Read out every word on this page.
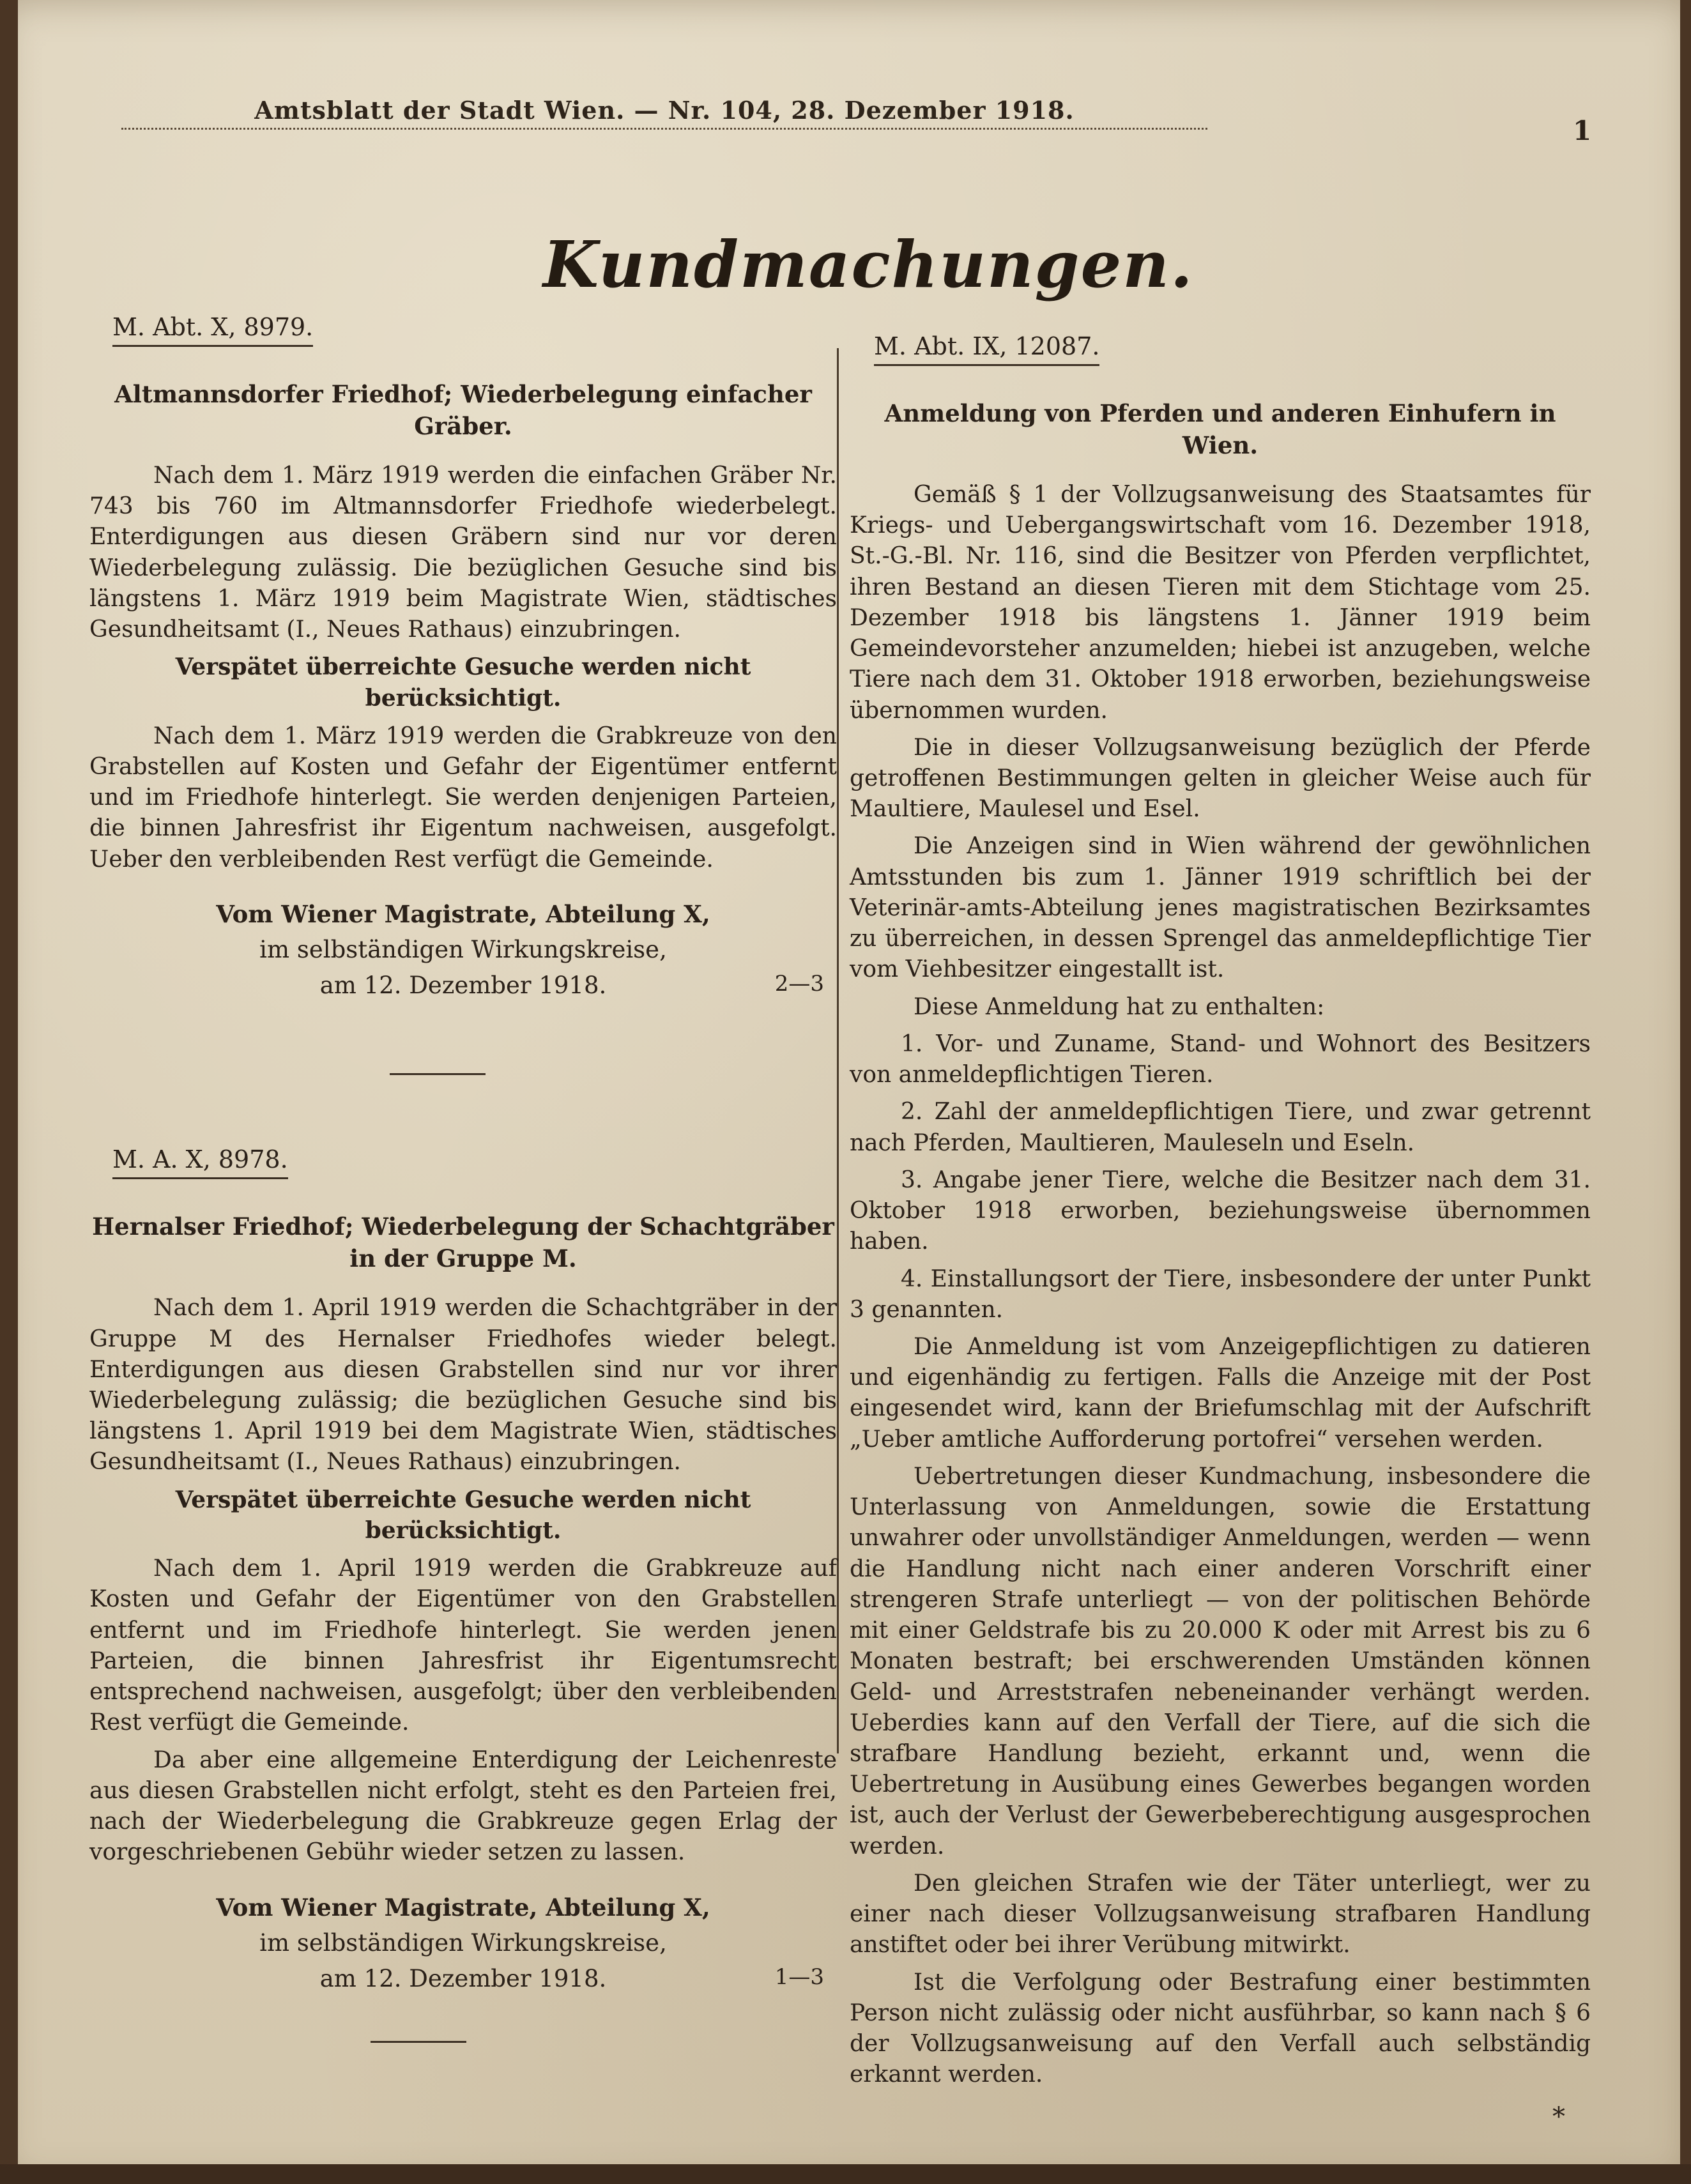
Amtsblatt der Stadt Wien. — Nr. 104, 28. Dezember 1918.
1
Kundmachungen.
M. Abt. X, 8979.
Altmannsdorfer Friedhof; Wiederbelegung einfacher Gräber.

Nach dem 1. März 1919 werden die einfachen Gräber Nr. 743 bis 760 im Altmannsdorfer Friedhofe wiederbelegt. Enterdigungen aus diesen Gräbern sind nur vor deren Wiederbelegung zulässig. Die bezüglichen Gesuche sind bis längstens 1. März 1919 beim Magistrate Wien, städtisches Gesundheitsamt (I., Neues Rathaus) einzubringen.

Verspätet überreichte Gesuche werden nicht berücksichtigt.

Nach dem 1. März 1919 werden die Grabkreuze von den Grabstellen auf Kosten und Gefahr der Eigentümer entfernt und im Friedhofe hinterlegt. Sie werden denjenigen Parteien, die binnen Jahresfrist ihr Eigentum nachweisen, ausgefolgt. Ueber den verbleibenden Rest verfügt die Gemeinde.

Vom Wiener Magistrate, Abteilung X,
im selbständigen Wirkungskreise,
am 12. Dezember 1918.	2—3
M. A. X, 8978.
Hernalser Friedhof; Wiederbelegung der Schachtgräber in der Gruppe M.

Nach dem 1. April 1919 werden die Schachtgräber in der Gruppe M des Hernalser Friedhofes wieder belegt. Enterdigungen aus diesen Grabstellen sind nur vor ihrer Wiederbelegung zulässig; die bezüglichen Gesuche sind bis längstens 1. April 1919 bei dem Magistrate Wien, städtisches Gesundheitsamt (I., Neues Rathaus) einzubringen.

Verspätet überreichte Gesuche werden nicht berücksichtigt.

Nach dem 1. April 1919 werden die Grabkreuze auf Kosten und Gefahr der Eigentümer von den Grabstellen entfernt und im Friedhofe hinterlegt. Sie werden jenen Parteien, die binnen Jahresfrist ihr Eigentumsrecht entsprechend nachweisen, ausgefolgt; über den verbleibenden Rest verfügt die Gemeinde.

Da aber eine allgemeine Enterdigung der Leichenreste aus diesen Grabstellen nicht erfolgt, steht es den Parteien frei, nach der Wiederbelegung die Grabkreuze gegen Erlag der vorgeschriebenen Gebühr wieder setzen zu lassen.

Vom Wiener Magistrate, Abteilung X,
im selbständigen Wirkungskreise,
am 12. Dezember 1918.	1—3
M. Abt. IX, 12087.
Anmeldung von Pferden und anderen Einhufern in Wien.

Gemäß § 1 der Vollzugsanweisung des Staatsamtes für Kriegs- und Uebergangswirtschaft vom 16. Dezember 1918, St.-G.-Bl. Nr. 116, sind die Besitzer von Pferden verpflichtet, ihren Bestand an diesen Tieren mit dem Stichtage vom 25. Dezember 1918 bis längstens 1. Jänner 1919 beim Gemeindevorsteher anzumelden; hiebei ist anzugeben, welche Tiere nach dem 31. Oktober 1918 erworben, beziehungsweise übernommen wurden.

Die in dieser Vollzugsanweisung bezüglich der Pferde getroffenen Bestimmungen gelten in gleicher Weise auch für Maultiere, Maulesel und Esel.

Die Anzeigen sind in Wien während der gewöhnlichen Amtsstunden bis zum 1. Jänner 1919 schriftlich bei der Veterinär-amts-Abteilung jenes magistratischen Bezirksamtes zu überreichen, in dessen Sprengel das anmeldepflichtige Tier vom Viehbesitzer eingestallt ist.

Diese Anmeldung hat zu enthalten:

1. Vor- und Zuname, Stand- und Wohnort des Besitzers von anmeldepflichtigen Tieren.

2. Zahl der anmeldepflichtigen Tiere, und zwar getrennt nach Pferden, Maultieren, Mauleseln und Eseln.

3. Angabe jener Tiere, welche die Besitzer nach dem 31. Oktober 1918 erworben, beziehungsweise übernommen haben.

4. Einstallungsort der Tiere, insbesondere der unter Punkt 3 genannten.

Die Anmeldung ist vom Anzeigepflichtigen zu datieren und eigenhändig zu fertigen. Falls die Anzeige mit der Post eingesendet wird, kann der Briefumschlag mit der Aufschrift „Ueber amtliche Aufforderung portofrei“ versehen werden.

Uebertretungen dieser Kundmachung, insbesondere die Unterlassung von Anmeldungen, sowie die Erstattung unwahrer oder unvollständiger Anmeldungen, werden — wenn die Handlung nicht nach einer anderen Vorschrift einer strengeren Strafe unterliegt — von der politischen Behörde mit einer Geldstrafe bis zu 20.000 K oder mit Arrest bis zu 6 Monaten bestraft; bei erschwerenden Umständen können Geld- und Arreststrafen nebeneinander verhängt werden. Ueberdies kann auf den Verfall der Tiere, auf die sich die strafbare Handlung bezieht, erkannt und, wenn die Uebertretung in Ausübung eines Gewerbes begangen worden ist, auch der Verlust der Gewerbeberechtigung ausgesprochen werden.

Den gleichen Strafen wie der Täter unterliegt, wer zu einer nach dieser Vollzugsanweisung strafbaren Handlung anstiftet oder bei ihrer Verübung mitwirkt.

Ist die Verfolgung oder Bestrafung einer bestimmten Person nicht zulässig oder nicht ausführbar, so kann nach § 6 der Vollzugsanweisung auf den Verfall auch selbständig erkannt werden.

*
